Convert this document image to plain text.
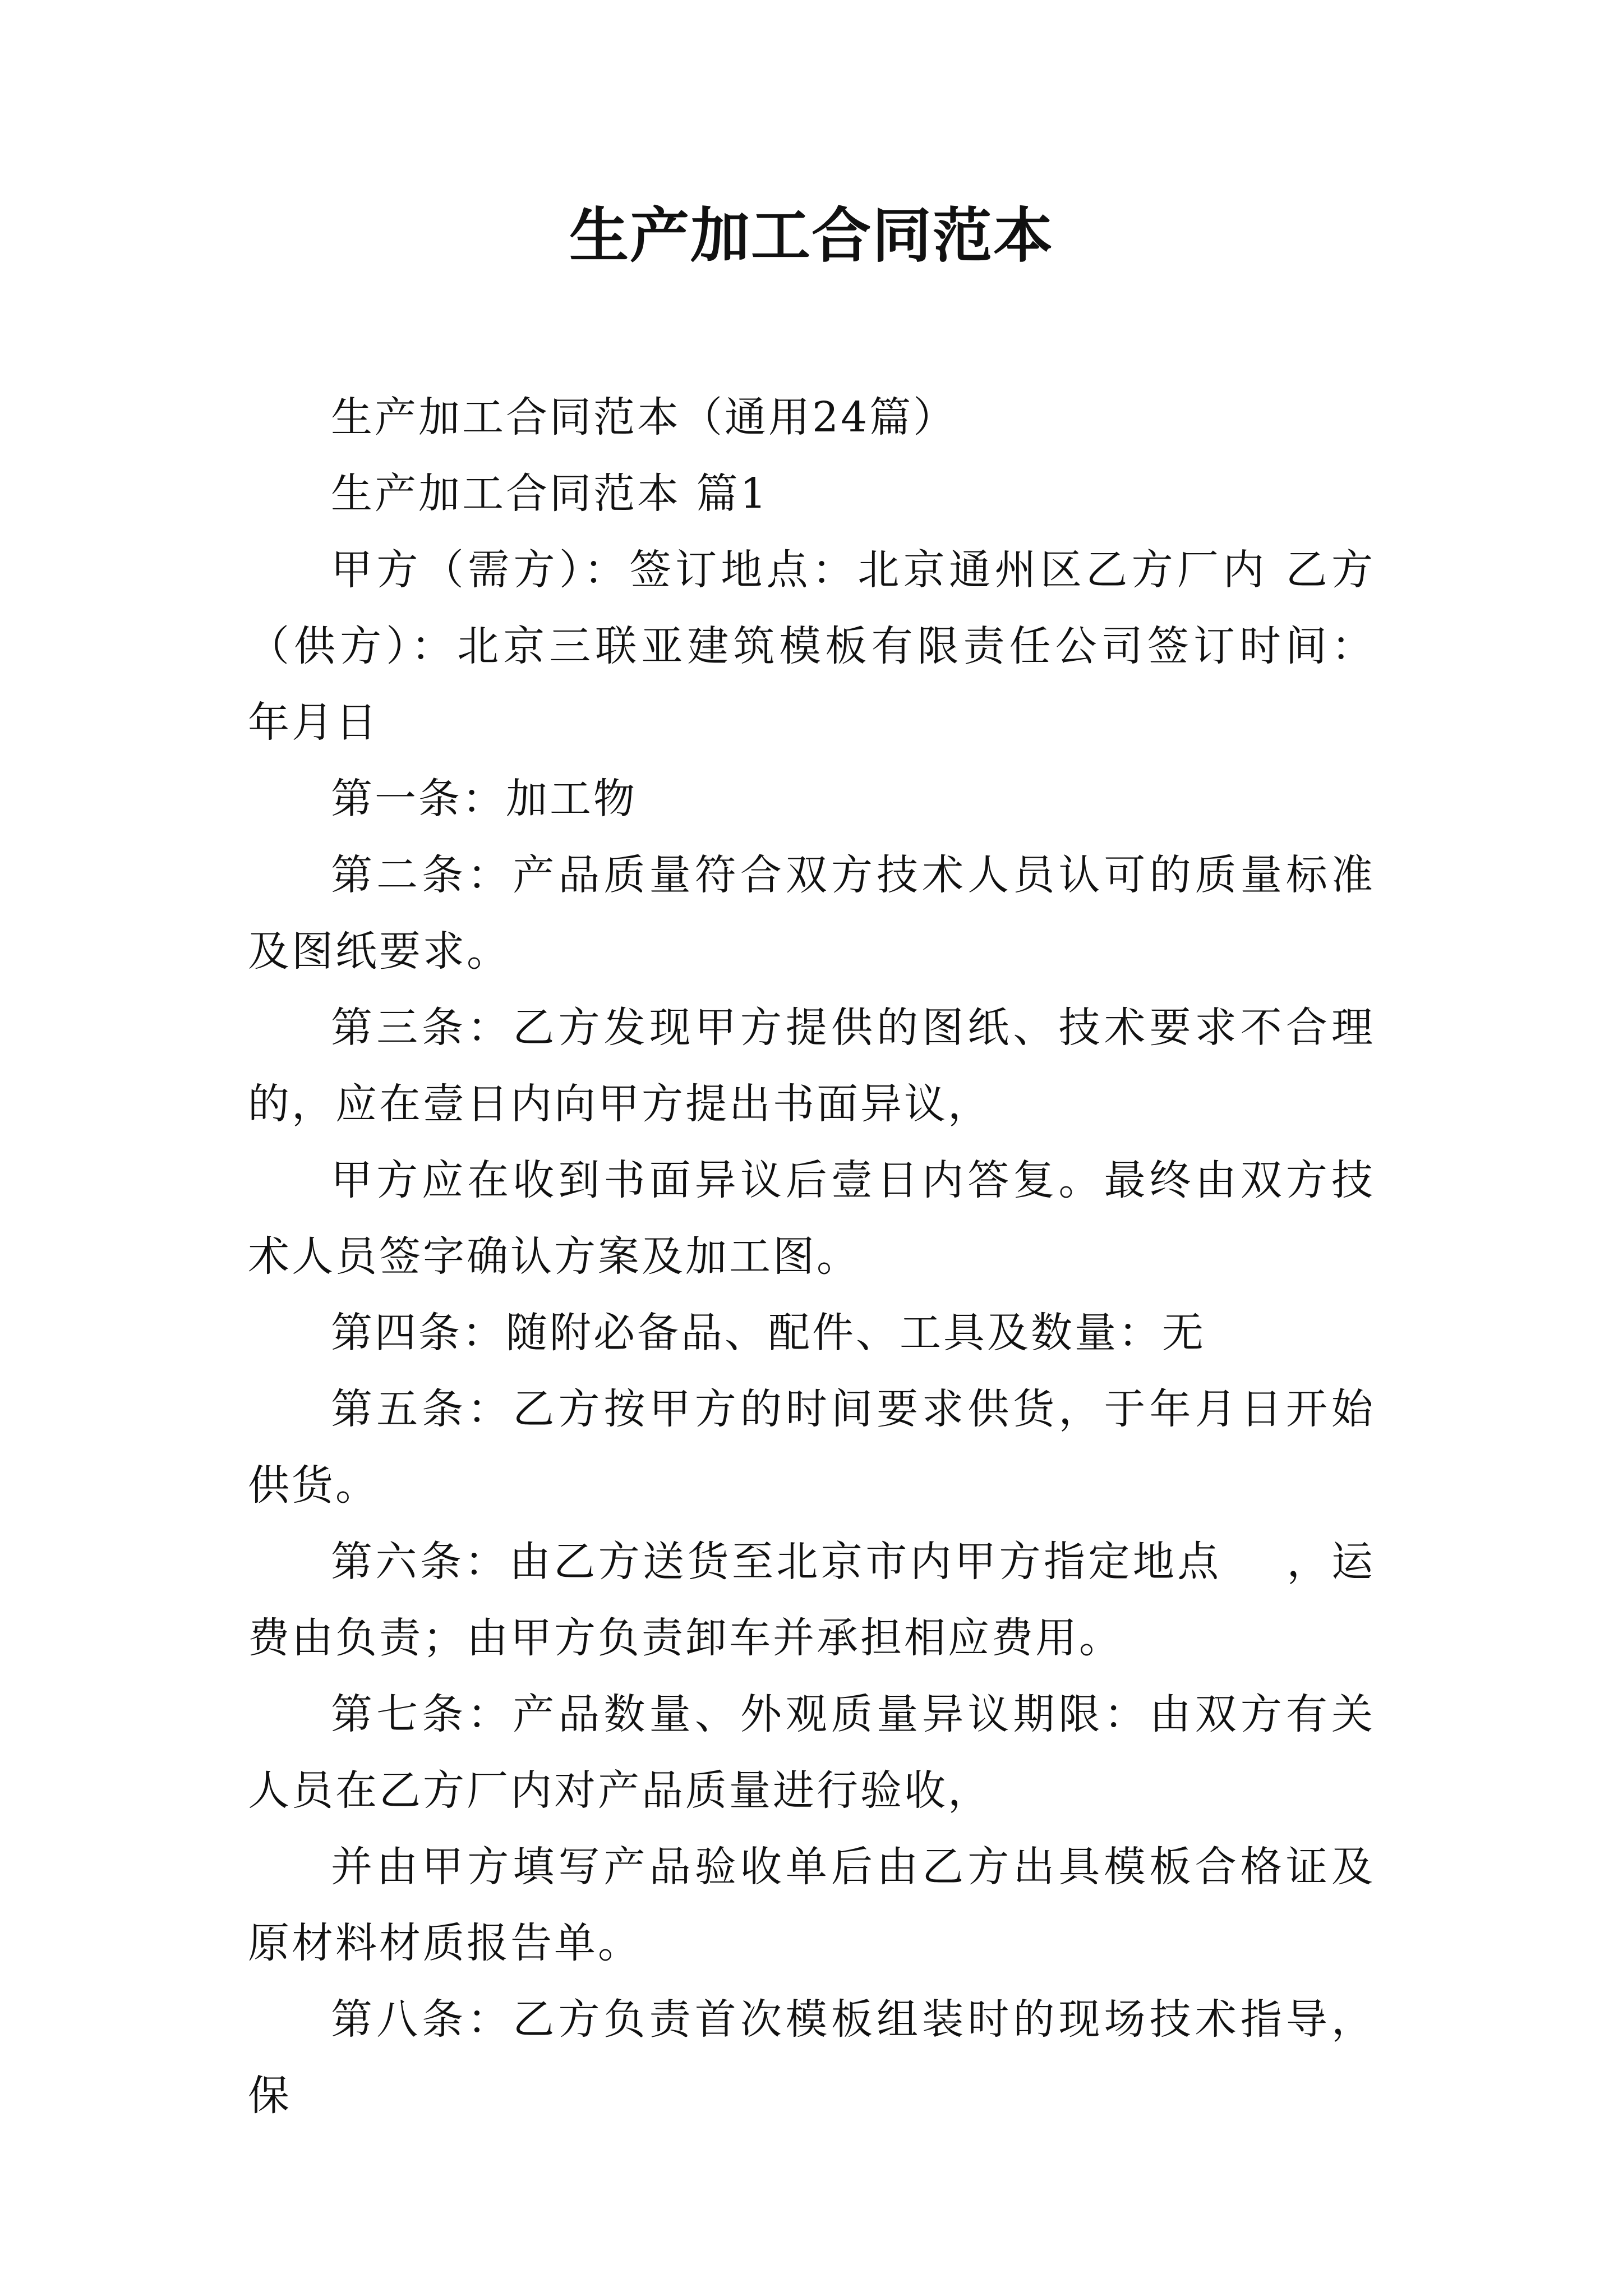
生产加工合同范本

生产加工合同范本（通用24篇）

生产加工合同范本 篇1

甲方（需方）：签订地点：北京通州区乙方厂内 乙方（供方）：北京三联亚建筑模板有限责任公司签订时间：  年月日

第一条：加工物

第二条：产品质量符合双方技术人员认可的质量标准及图纸要求。

第三条：乙方发现甲方提供的图纸、技术要求不合理的，应在壹日内向甲方提出书面异议，

甲方应在收到书面异议后壹日内答复。最终由双方技术人员签字确认方案及加工图。

第四条：随附必备品、配件、工具及数量：无

第五条：乙方按甲方的时间要求供货，于年月日开始供货。

第六条：由乙方送货至北京市内甲方指定地点    ，运费由负责；由甲方负责卸车并承担相应费用。

第七条：产品数量、外观质量异议期限：由双方有关人员在乙方厂内对产品质量进行验收，

并由甲方填写产品验收单后由乙方出具模板合格证及原材料材质报告单。

第八条：乙方负责首次模板组装时的现场技术指导，保
